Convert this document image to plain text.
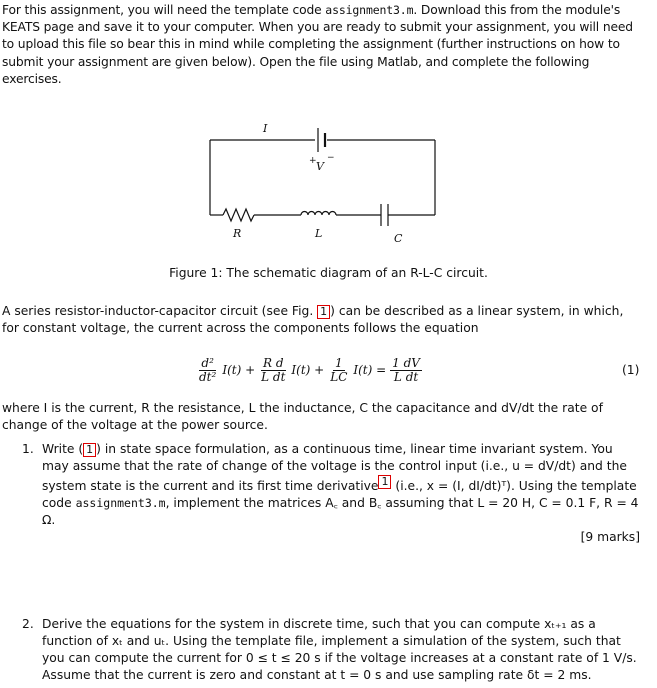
For this assignment, you will need the template code assignment3.m. Download this from the module's KEATS page and save it to your computer. When you are ready to submit your assignment, you will need to upload this file so bear this in mind while completing the assignment (further instructions on how to submit your assignment are given below). Open the file using Matlab, and complete the following exercises.
I
+ V
−
R	L	C
Figure 1: The schematic diagram of an R-L-C circuit.
A series resistor-inductor-capacitor circuit (see Fig. 1 ) can be described as a linear system, in which, for constant voltage, the current across the components follows the equation
$\frac{\text{d²}}{\text{dt²}} I(t) + \frac{\text{R d}}{\text{L dt}} I(t) + \frac{1}{LC} I(t) = \frac{1 dV}{\text{L dt}}$	(1)
where I is the current, R the resistance, L the inductance, C the capacitance and dV/dt the rate of change of the voltage at the power source.
1. Write ( 1 ) in state space formulation, as a continuous time, linear time invariant system. You may assume that the rate of change of the voltage is the control input (i.e., u = dV/dt) and the system state is the current and its first time derivative $^1$ (i.e., x = (I, dI/dt)ᵀ). Using the template code assignment3.m, implement the matrices A꜀ and B꜀ assuming that L = 20 H, C = 0.1 F, R = 4 Ω.
[9 marks]
2. Derive the equations for the system in discrete time, such that you can compute xₜ₊₁ as a function of xₜ and uₜ. Using the template file, implement a simulation of the system, such that you can compute the current for 0 ≤ t ≤ 20 s if the voltage increases at a constant rate of 1 V/s. Assume that the current is zero and constant at t = 0 s and use sampling rate δt = 2 ms.
